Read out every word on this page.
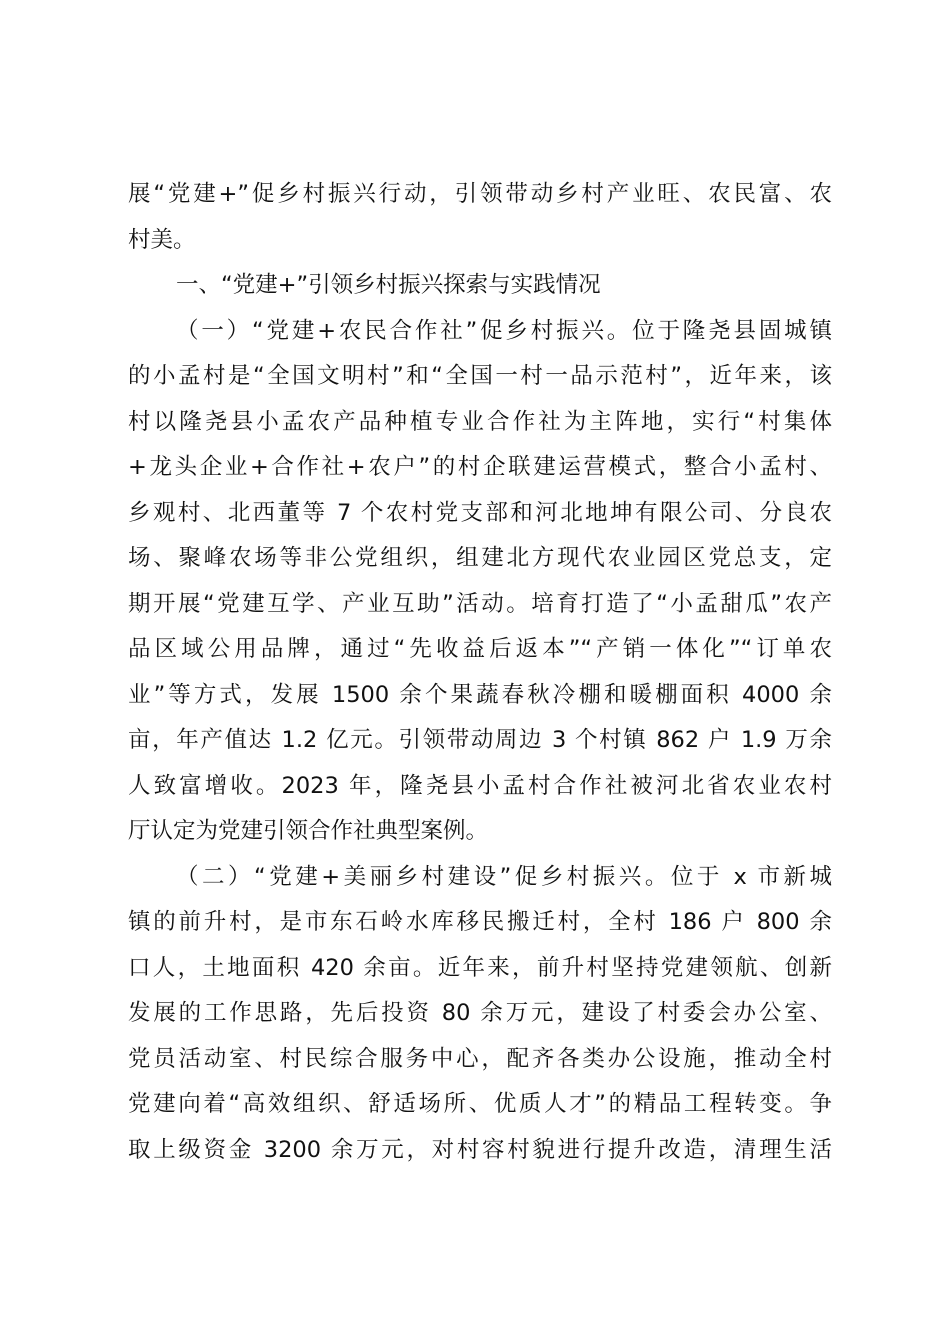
展“党建+”促乡村振兴行动，引领带动乡村产业旺、农民富、农
村美。
一、“党建+”引领乡村振兴探索与实践情况
（一）“党建+农民合作社”促乡村振兴。位于隆尧县固城镇
的小孟村是“全国文明村”和“全国一村一品示范村”，近年来，该
村以隆尧县小孟农产品种植专业合作社为主阵地，实行“村集体
+龙头企业+合作社+农户”的村企联建运营模式，整合小孟村、
乡观村、北西董等 7 个农村党支部和河北地坤有限公司、分良农
场、聚峰农场等非公党组织，组建北方现代农业园区党总支，定
期开展“党建互学、产业互助”活动。培育打造了“小孟甜瓜”农产
品区域公用品牌，通过“先收益后返本”“产销一体化”“订单农
业”等方式，发展 1500 余个果蔬春秋冷棚和暖棚面积 4000 余
亩，年产值达 1.2 亿元。引领带动周边 3 个村镇 862 户 1.9 万余
人致富增收。2023 年，隆尧县小孟村合作社被河北省农业农村
厅认定为党建引领合作社典型案例。
（二）“党建+美丽乡村建设”促乡村振兴。位于 x 市新城
镇的前升村，是市东石岭水库移民搬迁村，全村 186 户 800 余
口人，土地面积 420 余亩。近年来，前升村坚持党建领航、创新
发展的工作思路，先后投资 80 余万元，建设了村委会办公室、
党员活动室、村民综合服务中心，配齐各类办公设施，推动全村
党建向着“高效组织、舒适场所、优质人才”的精品工程转变。争
取上级资金 3200 余万元，对村容村貌进行提升改造，清理生活
